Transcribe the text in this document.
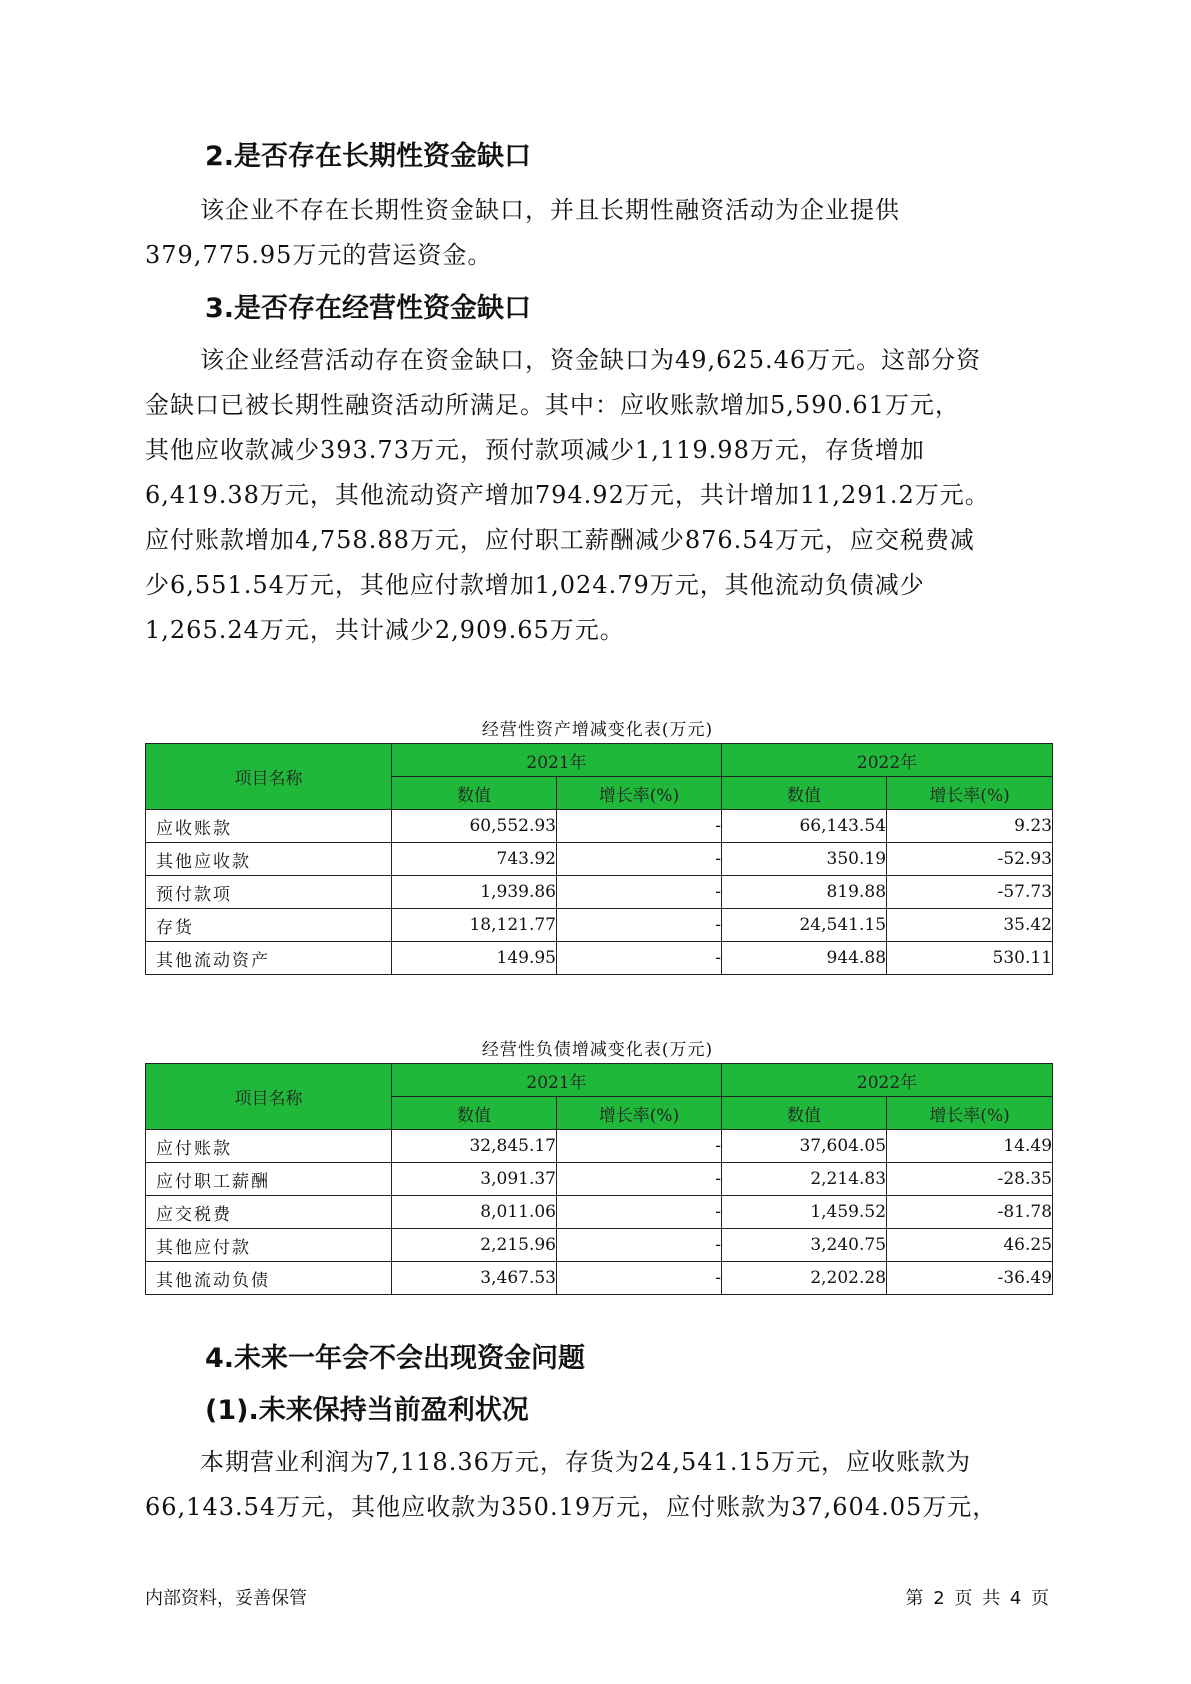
2.是否存在长期性资金缺口
该企业不存在长期性资金缺口，并且长期性融资活动为企业提供
379,775.95万元的营运资金。
3.是否存在经营性资金缺口
该企业经营活动存在资金缺口，资金缺口为49,625.46万元。这部分资
金缺口已被长期性融资活动所满足。其中：应收账款增加5,590.61万元，
其他应收款减少393.73万元，预付款项减少1,119.98万元，存货增加
6,419.38万元，其他流动资产增加794.92万元，共计增加11,291.2万元。
应付账款增加4,758.88万元，应付职工薪酬减少876.54万元，应交税费减
少6,551.54万元，其他应付款增加1,024.79万元，其他流动负债减少
1,265.24万元，共计减少2,909.65万元。
经营性资产增减变化表(万元)
项目名称	2021年		2022年	
	数值	增长率(%)	数值	增长率(%)
应收账款	60,552.93	-	66,143.54	9.23
其他应收款	743.92	-	350.19	-52.93
预付款项	1,939.86	-	819.88	-57.73
存货	18,121.77	-	24,541.15	35.42
其他流动资产	149.95	-	944.88	530.11
经营性负债增减变化表(万元)
项目名称	2021年		2022年	
	数值	增长率(%)	数值	增长率(%)
应付账款	32,845.17	-	37,604.05	14.49
应付职工薪酬	3,091.37	-	2,214.83	-28.35
应交税费	8,011.06	-	1,459.52	-81.78
其他应付款	2,215.96	-	3,240.75	46.25
其他流动负债	3,467.53	-	2,202.28	-36.49
4.未来一年会不会出现资金问题
(1).未来保持当前盈利状况
本期营业利润为7,118.36万元，存货为24,541.15万元，应收账款为
66,143.54万元，其他应收款为350.19万元，应付账款为37,604.05万元，
内部资料，妥善保管	第 2 页 共 4 页
